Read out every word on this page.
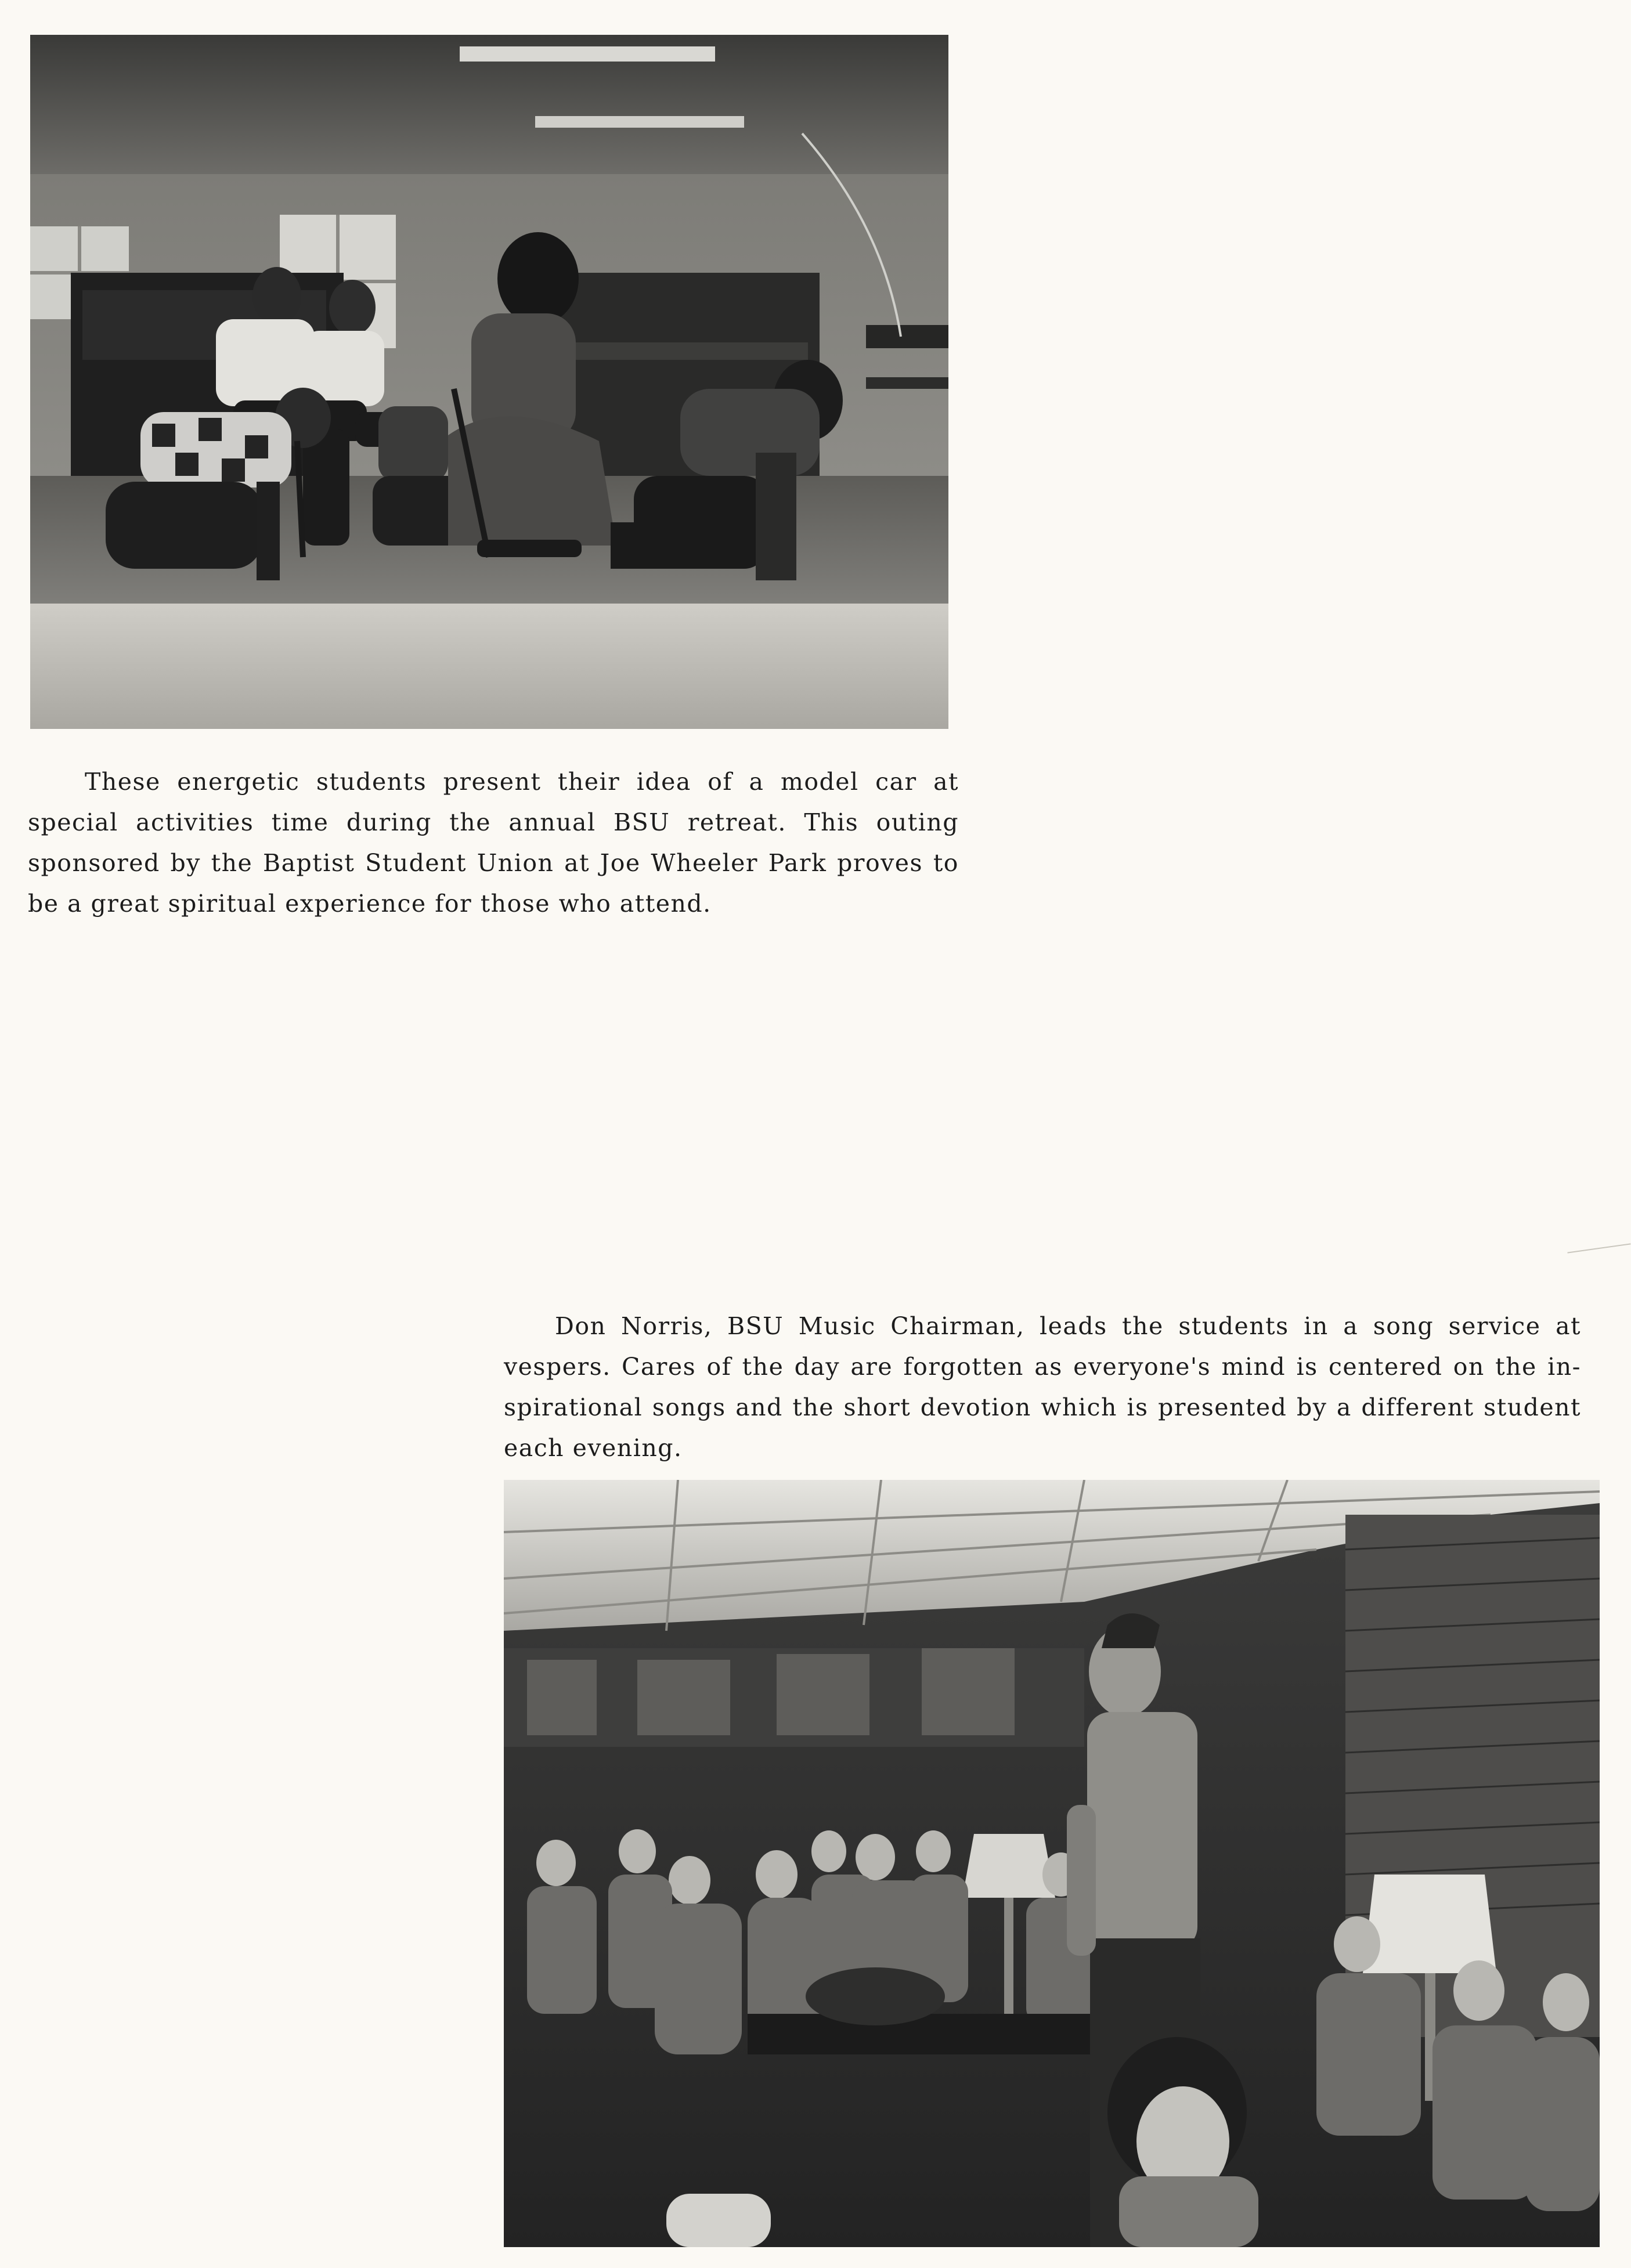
These energetic students present their idea of a model car at
special activities time during the annual BSU retreat. This outing
sponsored by the Baptist Student Union at Joe Wheeler Park proves to
be a great spiritual experience for those who attend.

Don Norris, BSU Music Chairman, leads the students in a song service at
vespers. Cares of the day are forgotten as everyone's mind is centered on the in-
spirational songs and the short devotion which is presented by a different student
each evening.
